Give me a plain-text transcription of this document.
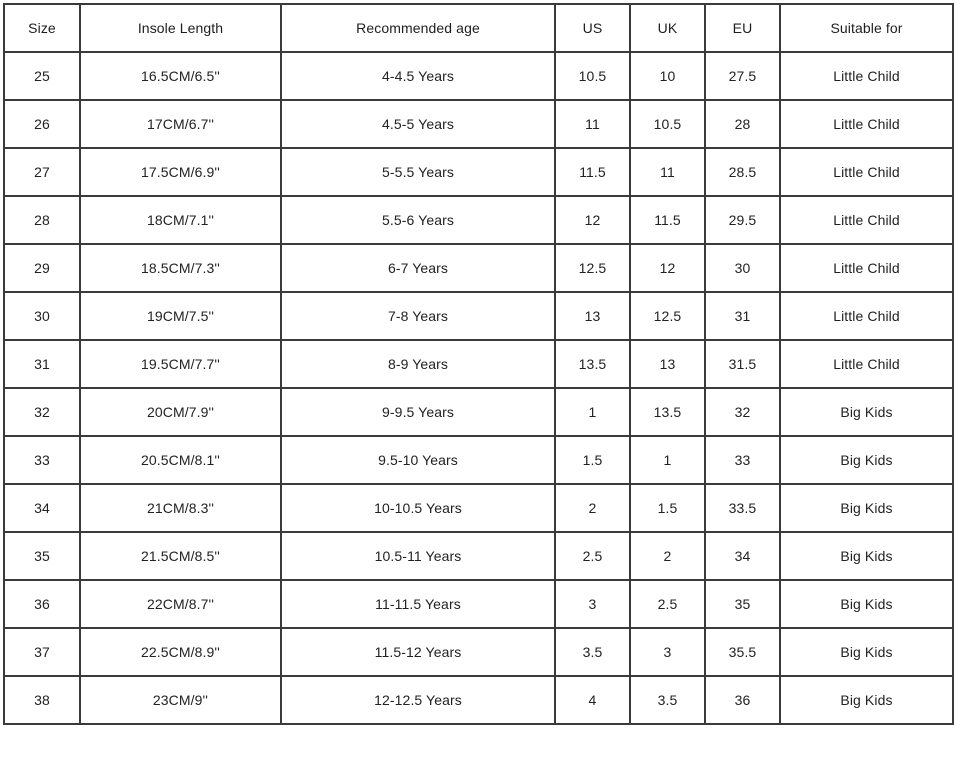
Size	Insole Length	Recommended age	US	UK	EU	Suitable for
25	16.5CM/6.5''	4-4.5 Years	10.5	10	27.5	Little Child
26	17CM/6.7''	4.5-5 Years	11	10.5	28	Little Child
27	17.5CM/6.9''	5-5.5 Years	11.5	11	28.5	Little Child
28	18CM/7.1''	5.5-6 Years	12	11.5	29.5	Little Child
29	18.5CM/7.3''	6-7 Years	12.5	12	30	Little Child
30	19CM/7.5''	7-8 Years	13	12.5	31	Little Child
31	19.5CM/7.7''	8-9 Years	13.5	13	31.5	Little Child
32	20CM/7.9''	9-9.5 Years	1	13.5	32	Big Kids
33	20.5CM/8.1''	9.5-10 Years	1.5	1	33	Big Kids
34	21CM/8.3''	10-10.5 Years	2	1.5	33.5	Big Kids
35	21.5CM/8.5''	10.5-11 Years	2.5	2	34	Big Kids
36	22CM/8.7''	11-11.5 Years	3	2.5	35	Big Kids
37	22.5CM/8.9''	11.5-12 Years	3.5	3	35.5	Big Kids
38	23CM/9''	12-12.5 Years	4	3.5	36	Big Kids
